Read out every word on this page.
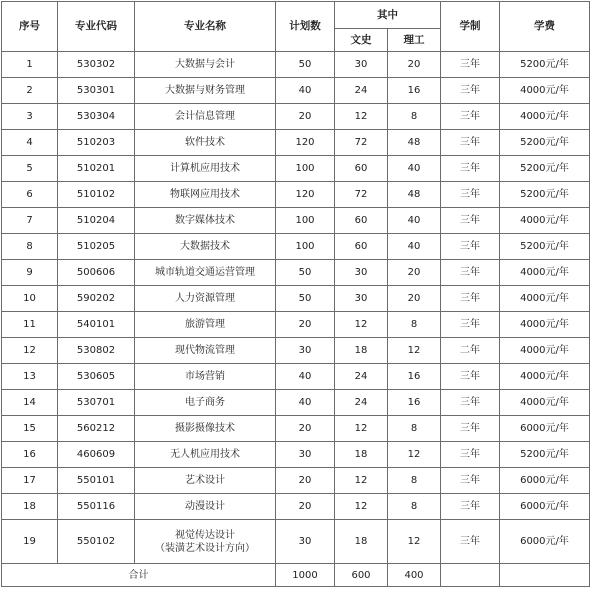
序号	专业代码	专业名称	计划数	其中		学制	学费
				文史	理工		
1	530302	大数据与会计	50	30	20	三年	5200元/年
2	530301	大数据与财务管理	40	24	16	三年	4000元/年
3	530304	会计信息管理	20	12	8	三年	4000元/年
4	510203	软件技术	120	72	48	三年	5200元/年
5	510201	计算机应用技术	100	60	40	三年	5200元/年
6	510102	物联网应用技术	120	72	48	三年	5200元/年
7	510204	数字媒体技术	100	60	40	三年	4000元/年
8	510205	大数据技术	100	60	40	三年	5200元/年
9	500606	城市轨道交通运营管理	50	30	20	三年	4000元/年
10	590202	人力资源管理	50	30	20	三年	4000元/年
11	540101	旅游管理	20	12	8	三年	4000元/年
12	530802	现代物流管理	30	18	12	二年	4000元/年
13	530605	市场营销	40	24	16	三年	4000元/年
14	530701	电子商务	40	24	16	三年	4000元/年
15	560212	摄影摄像技术	20	12	8	三年	6000元/年
16	460609	无人机应用技术	30	18	12	三年	5200元/年
17	550101	艺术设计	20	12	8	三年	6000元/年
18	550116	动漫设计	20	12	8	三年	6000元/年
19	550102	视觉传达设计
（装潢艺术设计方向）	30	18	12	三年	6000元/年
合计			1000	600	400		
